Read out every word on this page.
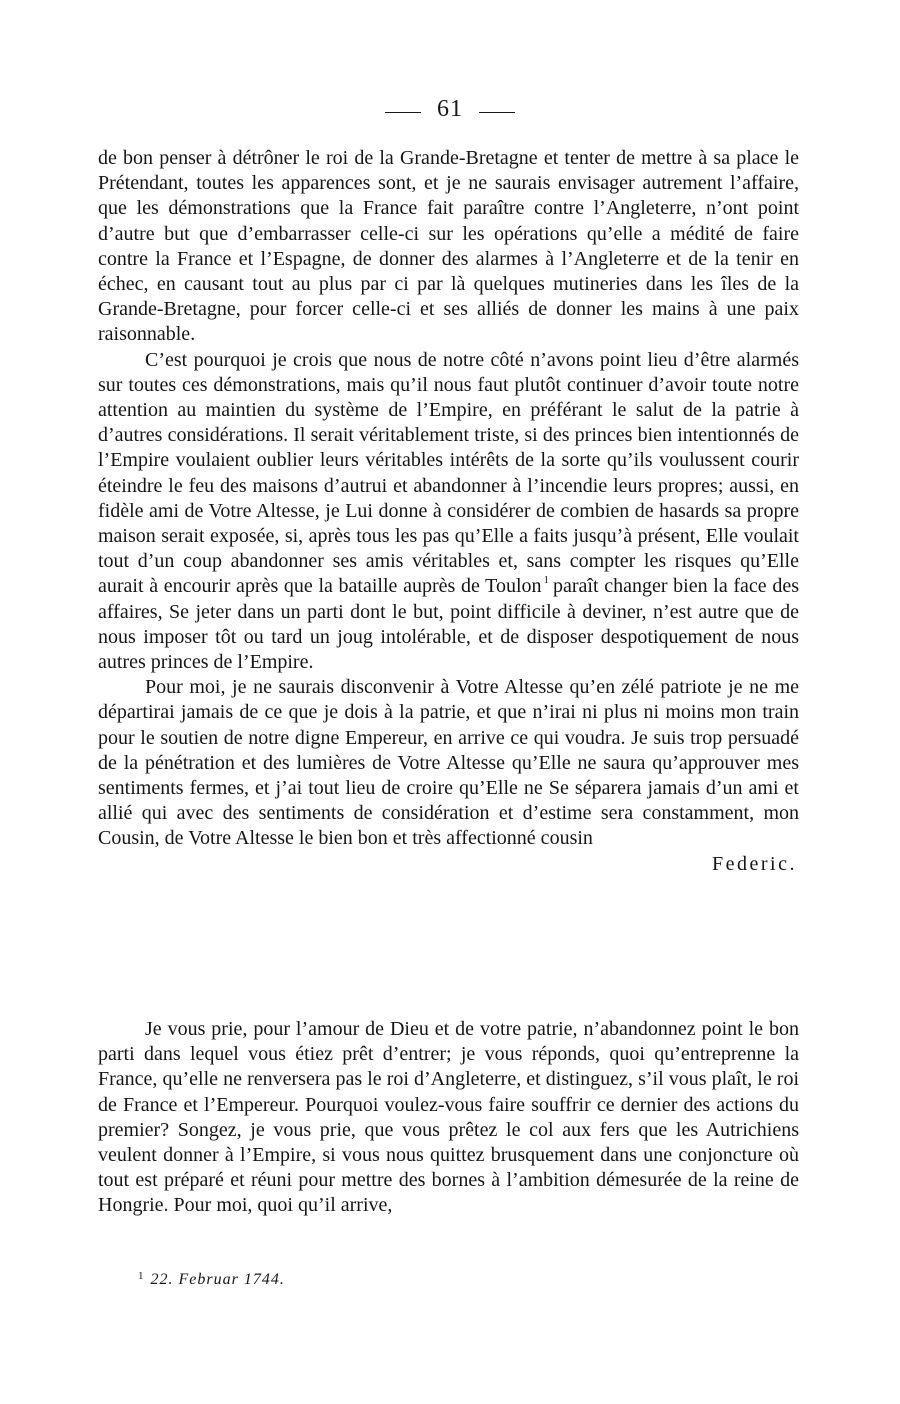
61

de bon penser à détrôner le roi de la Grande-Bretagne et tenter de mettre à sa place le Prétendant, toutes les apparences sont, et je ne saurais envisager autrement l’affaire, que les démonstrations que la France fait paraître contre l’Angleterre, n’ont point d’autre but que d’embarrasser celle-ci sur les opérations qu’elle a médité de faire contre la France et l’Espagne, de donner des alarmes à l’Angleterre et de la tenir en échec, en causant tout au plus par ci par là quelques mutineries dans les îles de la Grande-Bretagne, pour forcer celle-ci et ses alliés de donner les mains à une paix raisonnable.

C’est pourquoi je crois que nous de notre côté n’avons point lieu d’être alarmés sur toutes ces démonstrations, mais qu’il nous faut plutôt continuer d’avoir toute notre attention au maintien du système de l’Empire, en préférant le salut de la patrie à d’autres considérations. Il serait véritablement triste, si des princes bien intentionnés de l’Empire voulaient oublier leurs véritables intérêts de la sorte qu’ils voulussent courir éteindre le feu des maisons d’autrui et abandonner à l’incendie leurs propres; aussi, en fidèle ami de Votre Altesse, je Lui donne à considérer de combien de hasards sa propre maison serait exposée, si, après tous les pas qu’Elle a faits jusqu’à présent, Elle voulait tout d’un coup abandonner ses amis véritables et, sans compter les risques qu’Elle aurait à encourir après que la bataille auprès de Toulon $^1$ paraît changer bien la face des affaires, Se jeter dans un parti dont le but, point difficile à deviner, n’est autre que de nous imposer tôt ou tard un joug intolérable, et de disposer despotiquement de nous autres princes de l’Empire.

Pour moi, je ne saurais disconvenir à Votre Altesse qu’en zélé patriote je ne me départirai jamais de ce que je dois à la patrie, et que n’irai ni plus ni moins mon train pour le soutien de notre digne Empereur, en arrive ce qui voudra. Je suis trop persuadé de la pénétration et des lumières de Votre Altesse qu’Elle ne saura qu’approuver mes sentiments fermes, et j’ai tout lieu de croire qu’Elle ne Se séparera jamais d’un ami et allié qui avec des sentiments de considération et d’estime sera constamment, mon Cousin, de Votre Altesse le bien bon et très affectionné cousin

Federic.

Je vous prie, pour l’amour de Dieu et de votre patrie, n’abandonnez point le bon parti dans lequel vous étiez prêt d’entrer; je vous réponds, quoi qu’entreprenne la France, qu’elle ne renversera pas le roi d’Angleterre, et distinguez, s’il vous plaît, le roi de France et l’Empereur. Pourquoi voulez-vous faire souffrir ce dernier des actions du premier? Songez, je vous prie, que vous prêtez le col aux fers que les Autrichiens veulent donner à l’Empire, si vous nous quittez brusquement dans une conjoncture où tout est préparé et réuni pour mettre des bornes à l’ambition démesurée de la reine de Hongrie. Pour moi, quoi qu’il arrive,

$^1$ 22. Februar 1744.
